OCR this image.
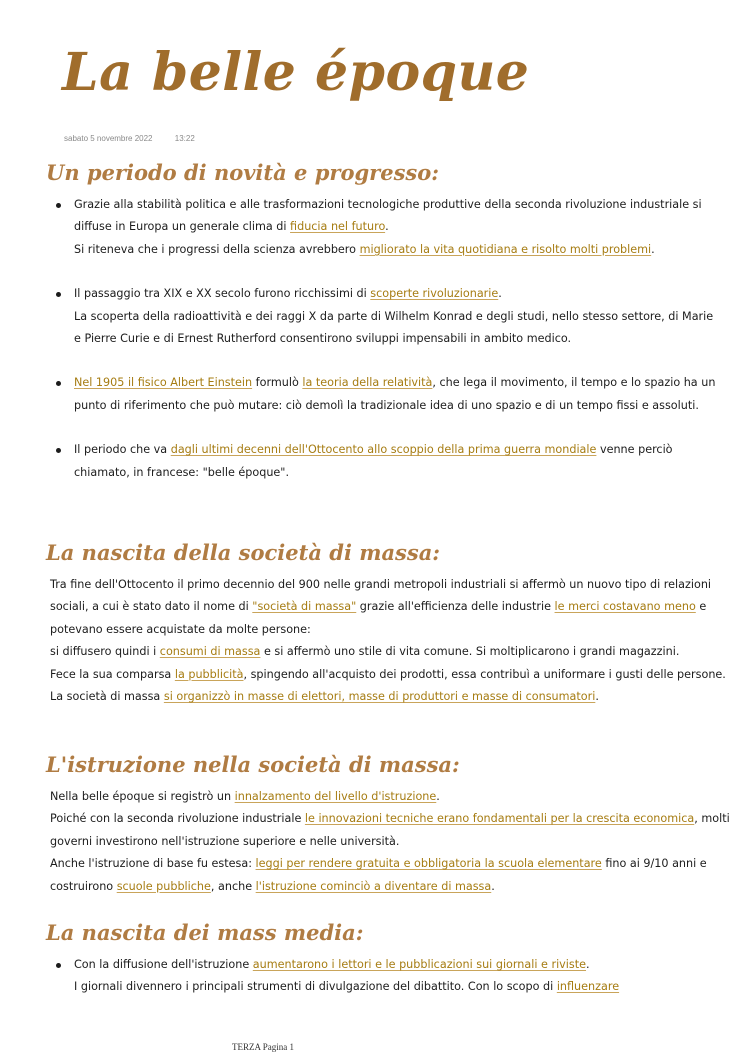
La belle époque
sabato 5 novembre 2022	13:22
Un periodo di novità e progresso:
Grazie alla stabilità politica e alle trasformazioni tecnologiche produttive della seconda rivoluzione industriale si diffuse in Europa un generale clima di fiducia nel futuro.
Si riteneva che i progressi della scienza avrebbero migliorato la vita quotidiana e risolto molti problemi.
Il passaggio tra XIX e XX secolo furono ricchissimi di scoperte rivoluzionarie.
La scoperta della radioattività e dei raggi X da parte di Wilhelm Konrad e degli studi, nello stesso settore, di Marie e Pierre Curie e di Ernest Rutherford consentirono sviluppi impensabili in ambito medico.
Nel 1905 il fisico Albert Einstein formulò la teoria della relatività, che lega il movimento, il tempo e lo spazio ha un punto di riferimento che può mutare: ciò demolì la tradizionale idea di uno spazio e di un tempo fissi e assoluti.
Il periodo che va dagli ultimi decenni dell'Ottocento allo scoppio della prima guerra mondiale venne perciò chiamato, in francese: "belle époque".
La nascita della società di massa:
Tra fine dell'Ottocento il primo decennio del 900 nelle grandi metropoli industriali si affermò un nuovo tipo di relazioni sociali, a cui è stato dato il nome di "società di massa" grazie all'efficienza delle industrie le merci costavano meno e potevano essere acquistate da molte persone:
si diffusero quindi i consumi di massa e si affermò uno stile di vita comune. Si moltiplicarono i grandi magazzini.
Fece la sua comparsa la pubblicità, spingendo all'acquisto dei prodotti, essa contribuì a uniformare i gusti delle persone. La società di massa si organizzò in masse di elettori, masse di produttori e masse di consumatori.
L'istruzione nella società di massa:
Nella belle époque si registrò un innalzamento del livello d'istruzione.
Poiché con la seconda rivoluzione industriale le innovazioni tecniche erano fondamentali per la crescita economica, molti governi investirono nell'istruzione superiore e nelle università.
Anche l'istruzione di base fu estesa: leggi per rendere gratuita e obbligatoria la scuola elementare fino ai 9/10 anni e costruirono scuole pubbliche, anche l'istruzione cominciò a diventare di massa.
La nascita dei mass media:
Con la diffusione dell'istruzione aumentarono i lettori e le pubblicazioni sui giornali e riviste.
I giornali divennero i principali strumenti di divulgazione del dibattito. Con lo scopo di influenzare
TERZA Pagina 1
